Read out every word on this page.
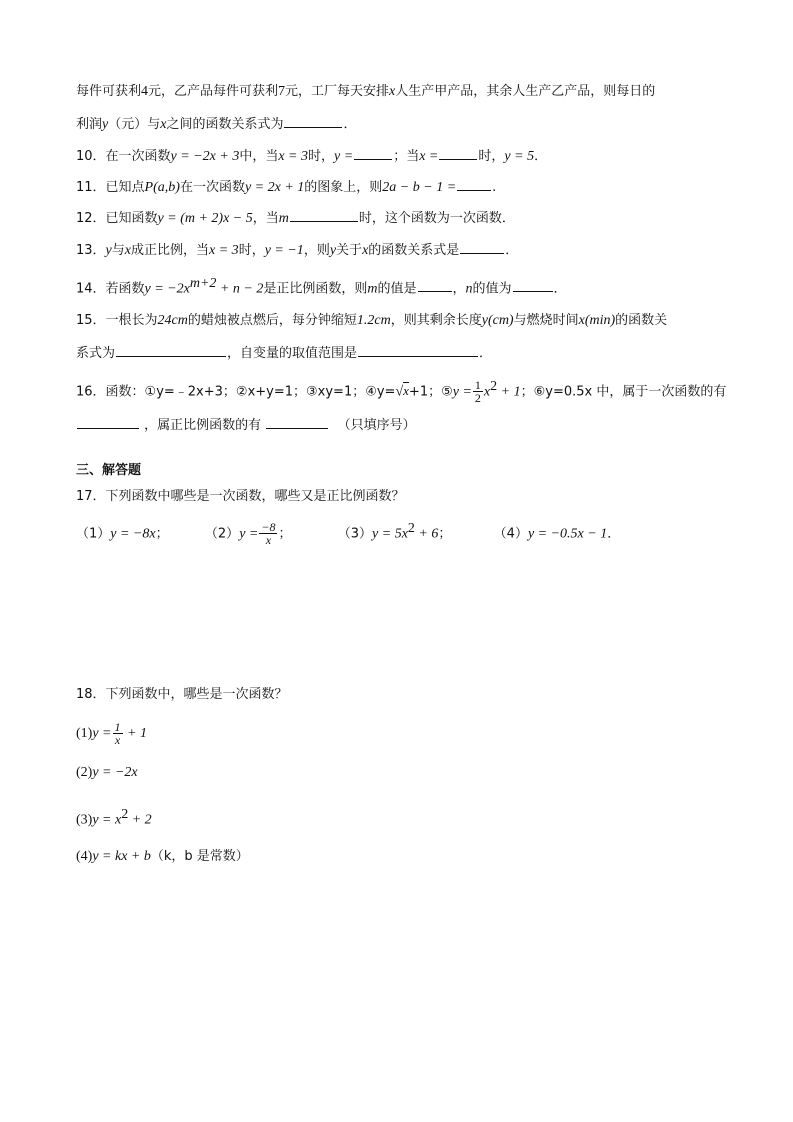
每件可获利4元，乙产品每件可获利7元，工厂每天安排x人生产甲产品，其余人生产乙产品，则每日的
利润y（元）与x之间的函数关系式为	．
10．在一次函数y = −2x + 3中，当x = 3时，y =	；当x =	时，y = 5．
11．已知点P(a,b)在一次函数y = 2x + 1的图象上，则2a − b − 1 =	.
12．已知函数y = (m + 2)x − 5，当m	时，这个函数为一次函数．
13．y与x成正比例，当x = 3时，y = −1，则y关于x的函数关系式是	．
14．若函数$y = -2x^{m+2} + n - 2$是正比例函数，则m的值是	，n的值为	．
15．一根长为24cm的蜡烛被点燃后，每分钟缩短1.2cm，则其剩余长度y(cm)与燃烧时间x(min)的函数关
系式为	，自变量的取值范围是	．
16．函数：①y=﹣2x+3；②x+y=1；③xy=1；④y=√x+1；⑤y = $\frac{1}{2} x^2 + 1$；⑥y=0.5x 中，属于一次函数的有
，属正比例函数的有	（只填序号）
三、解答题
17．下列函数中哪些是一次函数，哪些又是正比例函数？
（1）y = −8x；	$(2)y = \frac{-8}{x}$ ；	$(3)y = 5x^2 + 6$；	（4）y = −0.5x − 1．
18．下列函数中，哪些是一次函数？
$(1)y = \frac{1}{x} + 1$
(2)y = −2x
$(3)y = x^2 + 2$
(4)y = kx + b（k，b 是常数）
